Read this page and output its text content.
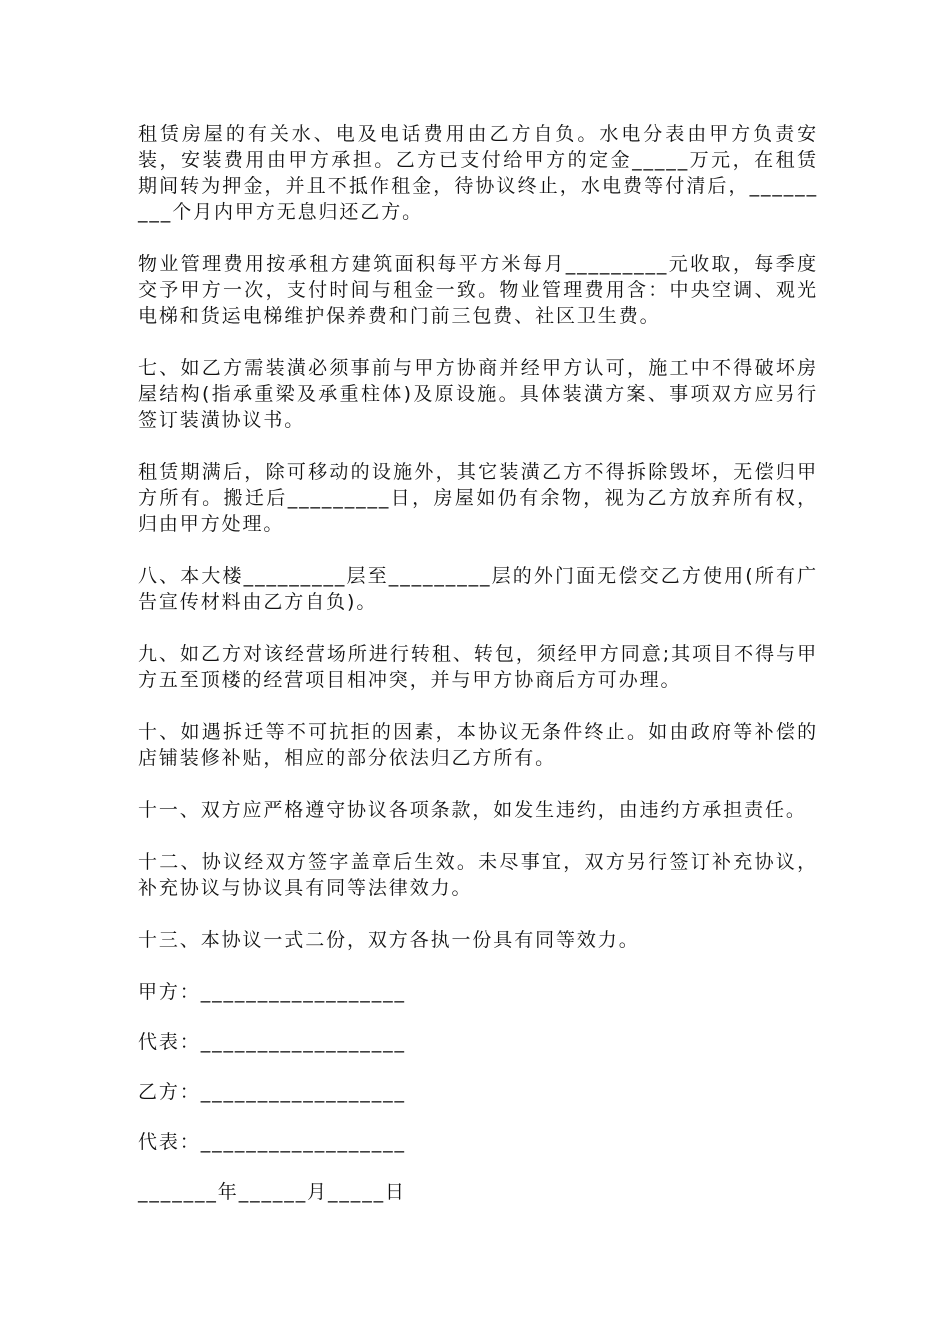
租赁房屋的有关水、电及电话费用由乙方自负。水电分表由甲方负责安装，安装费用由甲方承担。乙方已支付给甲方的定金_____万元，在租赁期间转为押金，并且不抵作租金，待协议终止，水电费等付清后，_________个月内甲方无息归还乙方。

物业管理费用按承租方建筑面积每平方米每月_________元收取，每季度交予甲方一次，支付时间与租金一致。物业管理费用含：中央空调、观光电梯和货运电梯维护保养费和门前三包费、社区卫生费。

七、如乙方需装潢必须事前与甲方协商并经甲方认可，施工中不得破坏房屋结构(指承重梁及承重柱体)及原设施。具体装潢方案、事项双方应另行签订装潢协议书。

租赁期满后，除可移动的设施外，其它装潢乙方不得拆除毁坏，无偿归甲方所有。搬迁后_________日，房屋如仍有余物，视为乙方放弃所有权，归由甲方处理。

八、本大楼_________层至_________层的外门面无偿交乙方使用(所有广告宣传材料由乙方自负)。

九、如乙方对该经营场所进行转租、转包，须经甲方同意;其项目不得与甲方五至顶楼的经营项目相冲突，并与甲方协商后方可办理。

十、如遇拆迁等不可抗拒的因素，本协议无条件终止。如由政府等补偿的店铺装修补贴，相应的部分依法归乙方所有。

十一、双方应严格遵守协议各项条款，如发生违约，由违约方承担责任。

十二、协议经双方签字盖章后生效。未尽事宜，双方另行签订补充协议，补充协议与协议具有同等法律效力。

十三、本协议一式二份，双方各执一份具有同等效力。

甲方：__________________
代表：__________________
乙方：__________________
代表：__________________
_______年______月_____日
